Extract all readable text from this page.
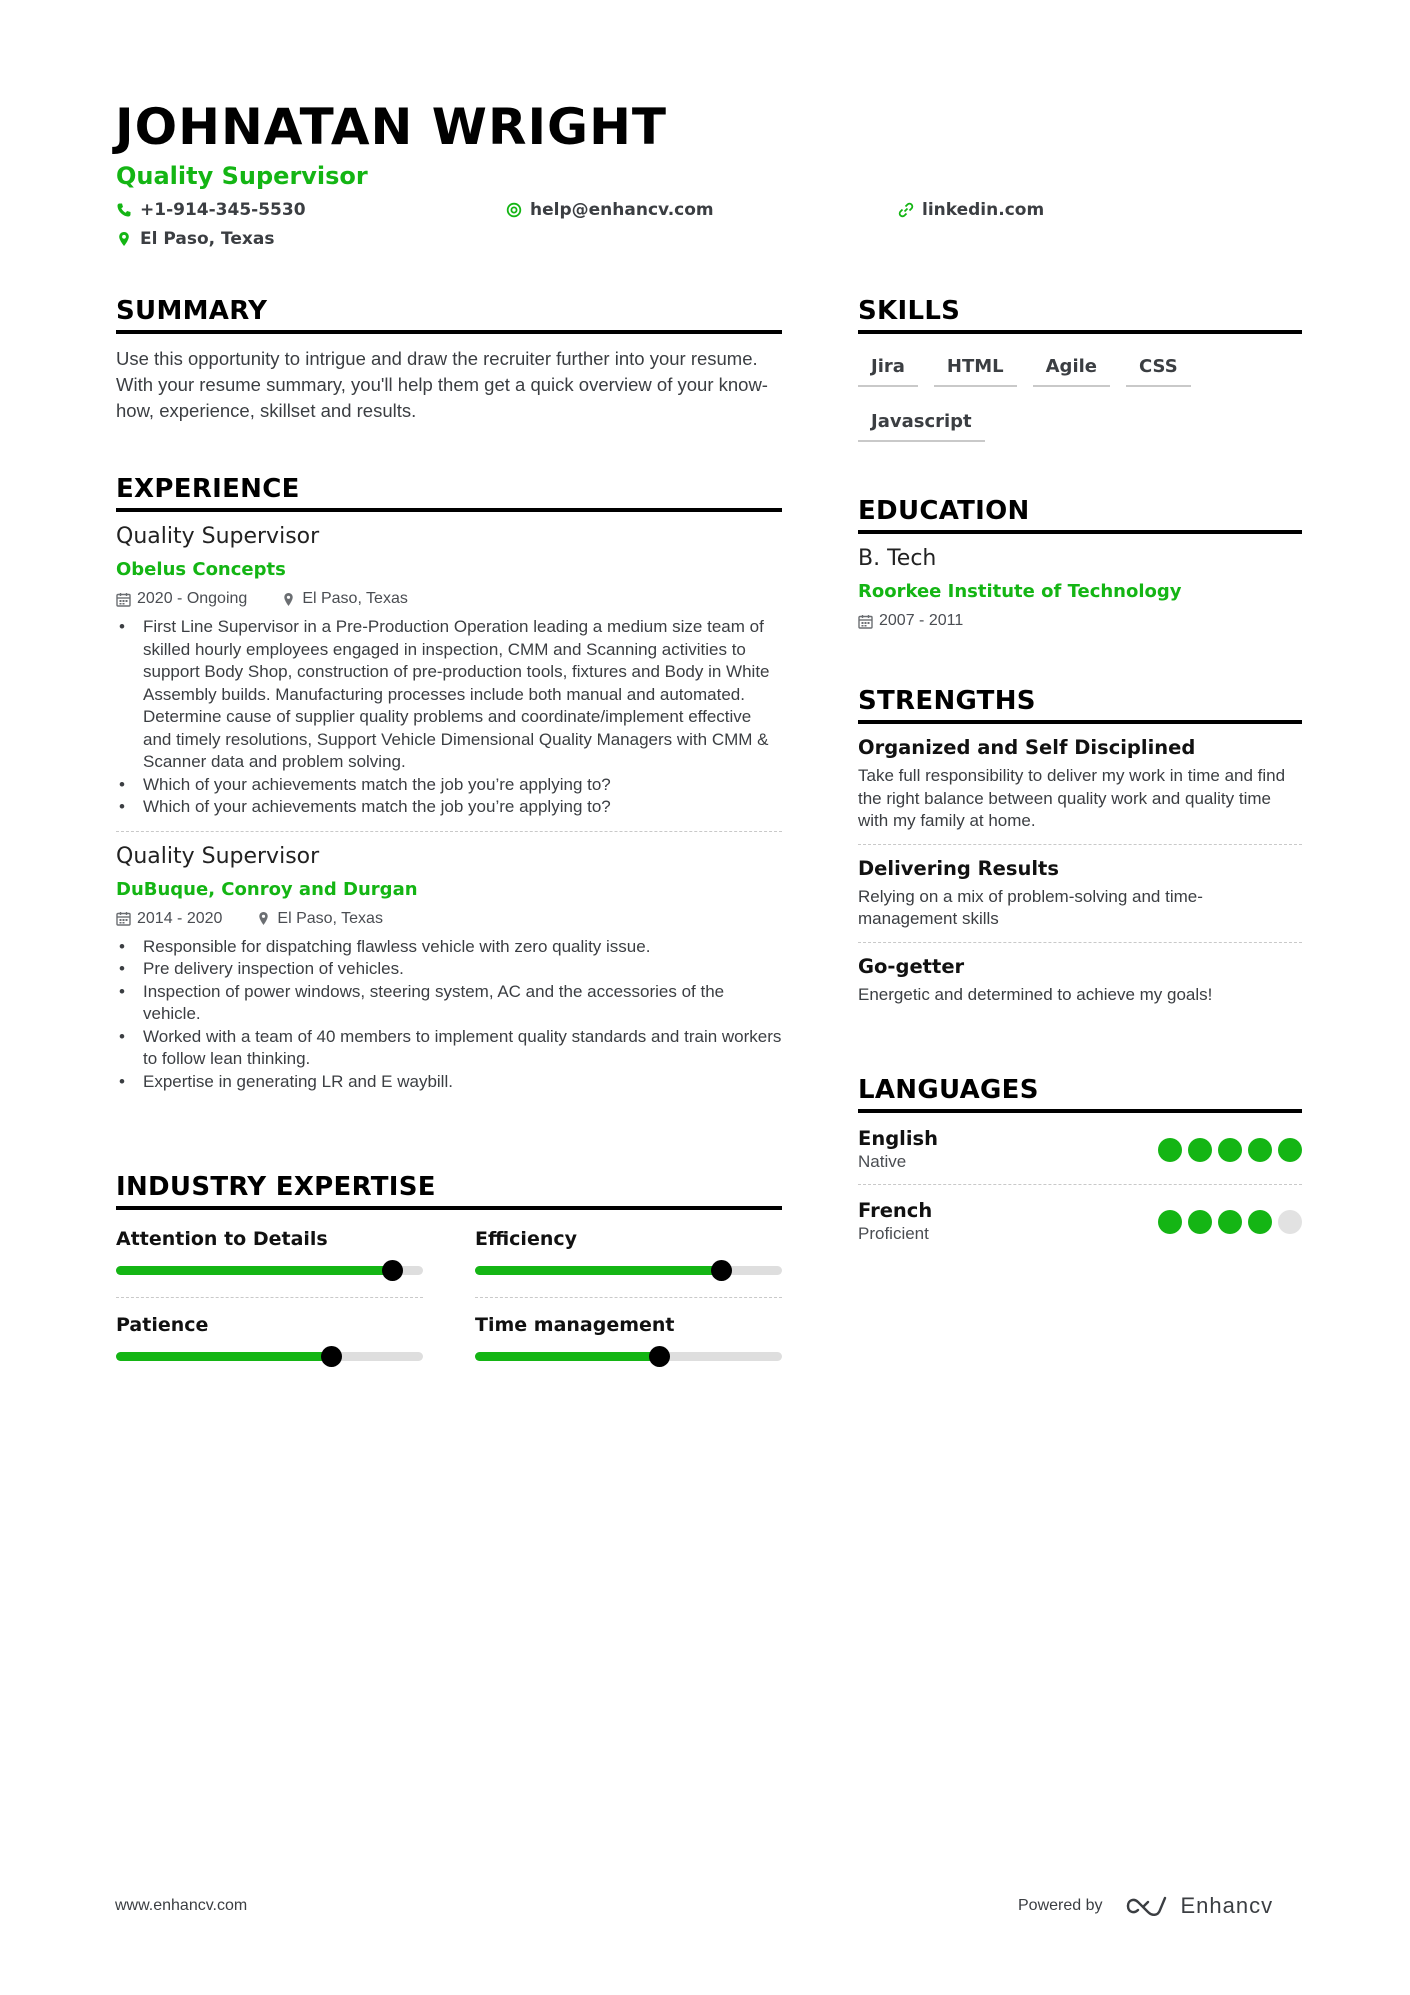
JOHNATAN WRIGHT
Quality Supervisor
+1-914-345-5530	help@enhancv.com	linkedin.com
El Paso, Texas
SUMMARY

Use this opportunity to intrigue and draw the recruiter further into your resume. With your resume summary, you'll help them get a quick overview of your know-how, experience, skillset and results.

EXPERIENCE
Quality Supervisor
Obelus Concepts
2020 - Ongoing	El Paso, Texas
• First Line Supervisor in a Pre-Production Operation leading a medium size team of skilled hourly employees engaged in inspection, CMM and Scanning activities to support Body Shop, construction of pre-production tools, fixtures and Body in White Assembly builds. Manufacturing processes include both manual and automated. Determine cause of supplier quality problems and coordinate/implement effective and timely resolutions, Support Vehicle Dimensional Quality Managers with CMM & Scanner data and problem solving.
• Which of your achievements match the job you’re applying to?
• Which of your achievements match the job you’re applying to?
Quality Supervisor
DuBuque, Conroy and Durgan
2014 - 2020	El Paso, Texas
• Responsible for dispatching flawless vehicle with zero quality issue.
• Pre delivery inspection of vehicles.
• Inspection of power windows, steering system, AC and the accessories of the vehicle.
• Worked with a team of 40 members to implement quality standards and train workers to follow lean thinking.
• Expertise in generating LR and E waybill.
INDUSTRY EXPERTISE
Attention to Details	Efficiency
Patience	Time management
SKILLS
Jira	HTML	Agile	CSS
Javascript
EDUCATION
B. Tech
Roorkee Institute of Technology
2007 - 2011
STRENGTHS
Organized and Self Disciplined

Take full responsibility to deliver my work in time and find the right balance between quality work and quality time with my family at home.

Delivering Results

Relying on a mix of problem-solving and time-management skills

Go-getter

Energetic and determined to achieve my goals!

LANGUAGES
English
Native
French
Proficient
www.enhancv.com	Powered by	Enhancv
